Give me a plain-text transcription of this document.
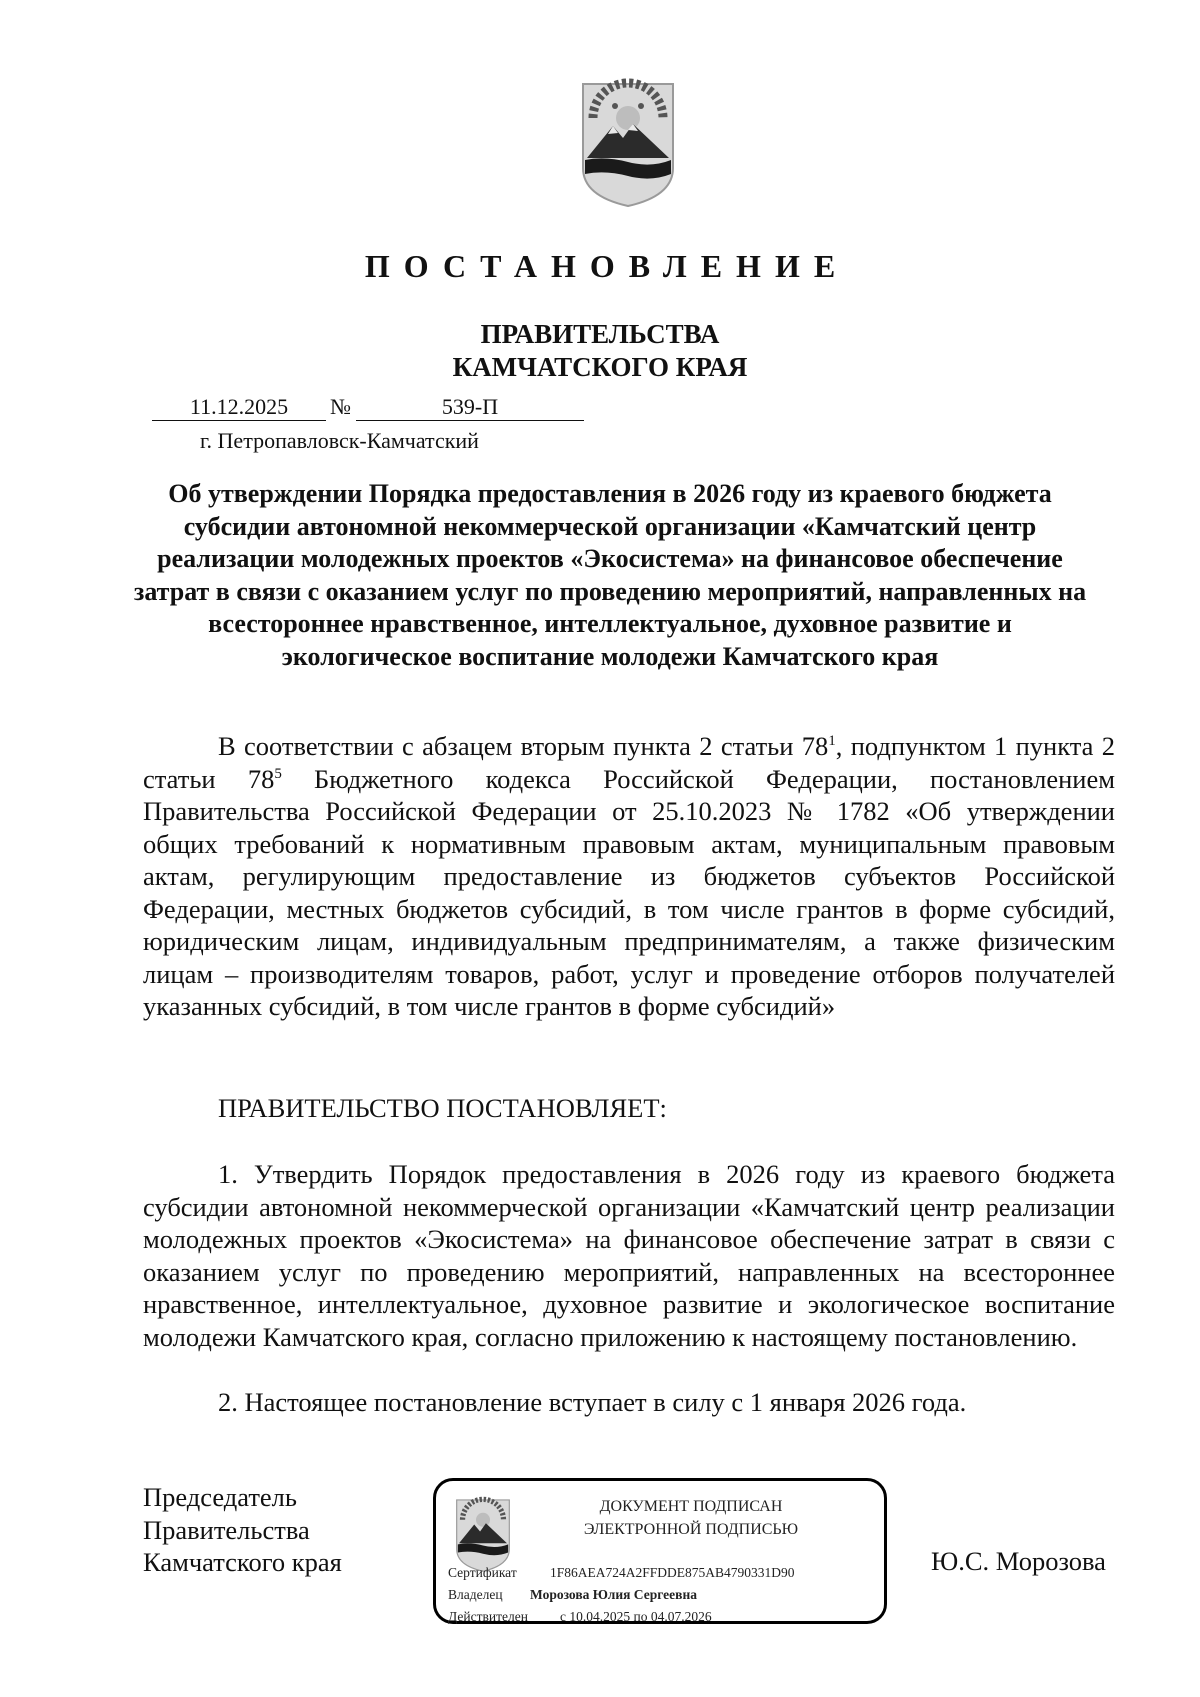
ПОСТАНОВЛЕНИЕ
ПРАВИТЕЛЬСТВА
КАМЧАТСКОГО КРАЯ
11.12.2025	№	539-П
г. Петропавловск-Камчатский
Об утверждении Порядка предоставления в 2026 году из краевого бюджета субсидии автономной некоммерческой организации «Камчатский центр реализации молодежных проектов «Экосистема» на финансовое обеспечение затрат в связи с оказанием услуг по проведению мероприятий, направленных на всестороннее нравственное, интеллектуальное, духовное развитие и экологическое воспитание молодежи Камчатского края
В соответствии с абзацем вторым пункта 2 статьи $78^1$, подпунктом 1 пункта 2 статьи $78^5$ Бюджетного кодекса Российской Федерации, постановлением Правительства Российской Федерации от 25.10.2023 № 1782 «Об утверждении общих требований к нормативным правовым актам, муниципальным правовым актам, регулирующим предоставление из бюджетов субъектов Российской Федерации, местных бюджетов субсидий, в том числе грантов в форме субсидий, юридическим лицам, индивидуальным предпринимателям, а также физическим лицам – производителям товаров, работ, услуг и проведение отборов получателей указанных субсидий, в том числе грантов в форме субсидий»
ПРАВИТЕЛЬСТВО ПОСТАНОВЛЯЕТ:
1. Утвердить Порядок предоставления в 2026 году из краевого бюджета субсидии автономной некоммерческой организации «Камчатский центр реализации молодежных проектов «Экосистема» на финансовое обеспечение затрат в связи с оказанием услуг по проведению мероприятий, направленных на всестороннее нравственное, интеллектуальное, духовное развитие и экологическое воспитание молодежи Камчатского края, согласно приложению к настоящему постановлению.
2. Настоящее постановление вступает в силу с 1 января 2026 года.
Председатель
Правительства
Камчатского края
ДОКУМЕНТ ПОДПИСАН
ЭЛЕКТРОННОЙ ПОДПИСЬЮ
Сертификат 1F86AEA724A2FFDDE875AB4790331D90
Владелец Морозова Юлия Сергеевна
Действителен с 10.04.2025 по 04.07.2026
Ю.С. Морозова
